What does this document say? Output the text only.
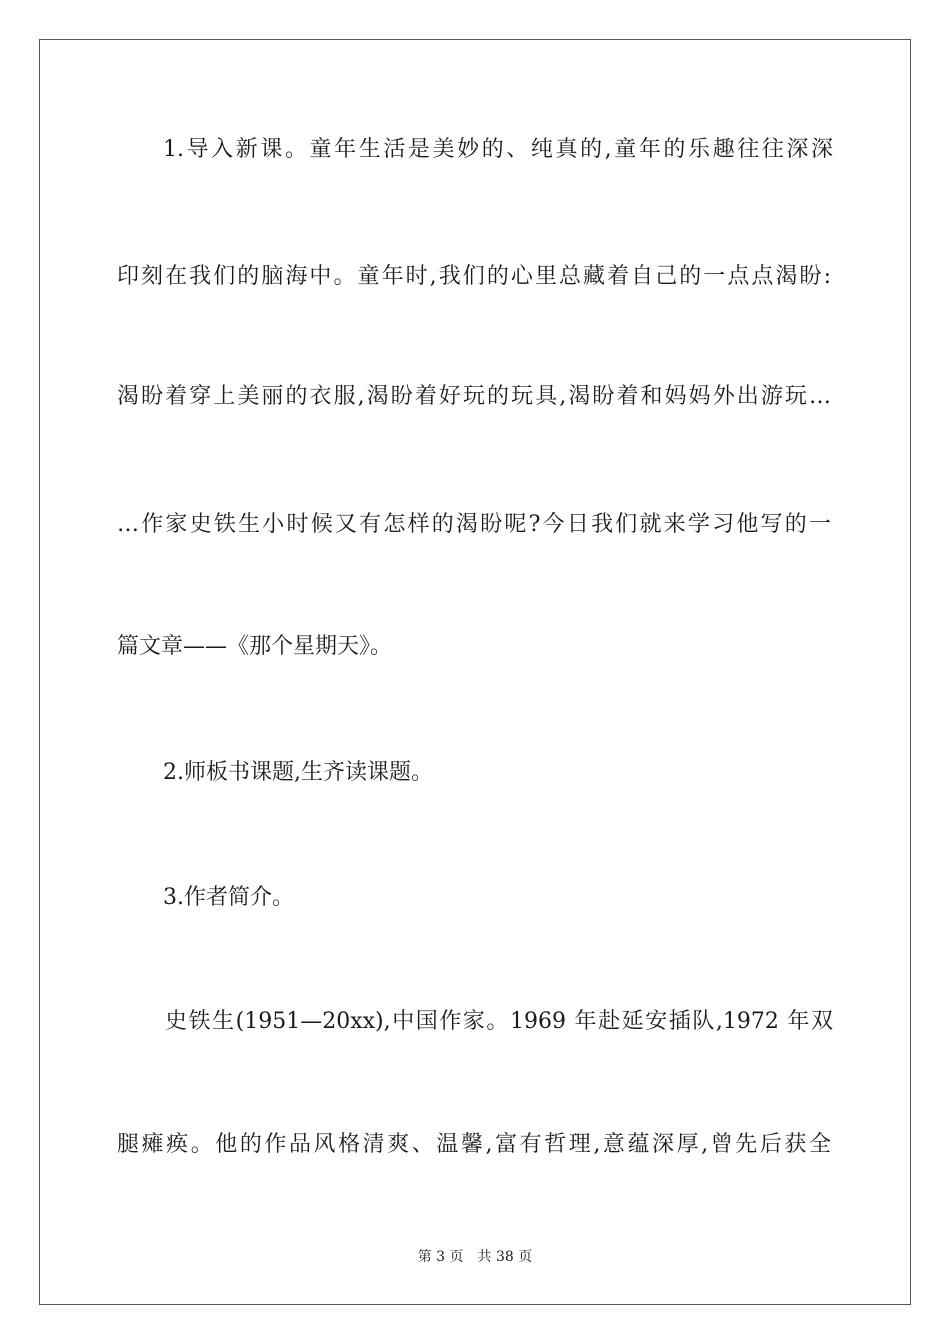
1.导入新课。童年生活是美妙的、纯真的,童年的乐趣往往深深
印刻在我们的脑海中。童年时,我们的心里总藏着自己的一点点渴盼:
渴盼着穿上美丽的衣服,渴盼着好玩的玩具,渴盼着和妈妈外出游玩…
…作家史铁生小时候又有怎样的渴盼呢?今日我们就来学习他写的一
篇文章——《那个星期天》。
2.师板书课题,生齐读课题。
3.作者简介。
史铁生(1951—20xx),中国作家。1969 年赴延安插队,1972 年双
腿瘫痪。他的作品风格清爽、温馨,富有哲理,意蕴深厚,曾先后获全
第 3 页 共 38 页
